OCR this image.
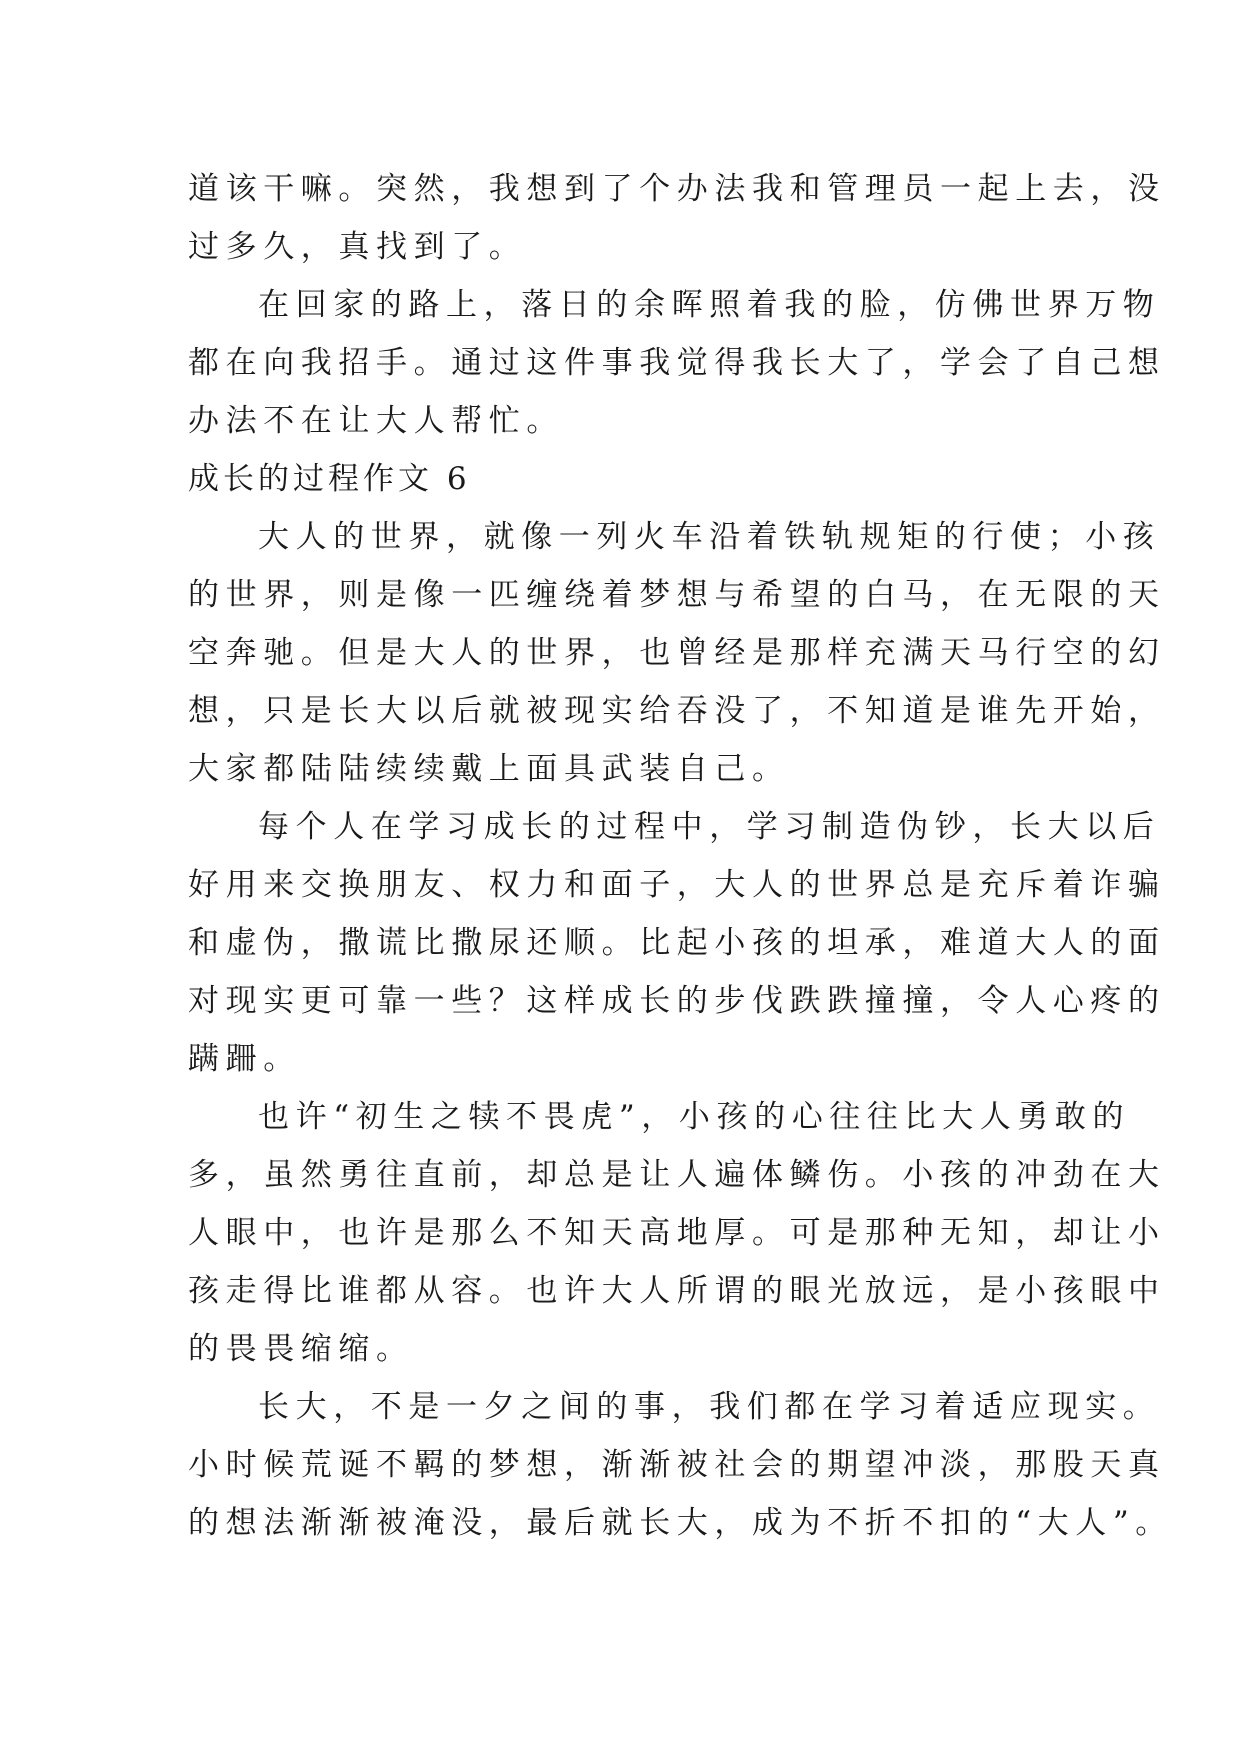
道该干嘛。突然，我想到了个办法我和管理员一起上去，没
过多久，真找到了。
在回家的路上，落日的余晖照着我的脸，仿佛世界万物
都在向我招手。通过这件事我觉得我长大了，学会了自己想
办法不在让大人帮忙。
成长的过程作文 6
大人的世界，就像一列火车沿着铁轨规矩的行使；小孩
的世界，则是像一匹缠绕着梦想与希望的白马，在无限的天
空奔驰。但是大人的世界，也曾经是那样充满天马行空的幻
想，只是长大以后就被现实给吞没了，不知道是谁先开始，
大家都陆陆续续戴上面具武装自己。
每个人在学习成长的过程中，学习制造伪钞，长大以后
好用来交换朋友、权力和面子，大人的世界总是充斥着诈骗
和虚伪，撒谎比撒尿还顺。比起小孩的坦承，难道大人的面
对现实更可靠一些？这样成长的步伐跌跌撞撞，令人心疼的
蹒跚。
也许“初生之犊不畏虎”，小孩的心往往比大人勇敢的
多，虽然勇往直前，却总是让人遍体鳞伤。小孩的冲劲在大
人眼中，也许是那么不知天高地厚。可是那种无知，却让小
孩走得比谁都从容。也许大人所谓的眼光放远，是小孩眼中
的畏畏缩缩。
长大，不是一夕之间的事，我们都在学习着适应现实。
小时候荒诞不羁的梦想，渐渐被社会的期望冲淡，那股天真
的想法渐渐被淹没，最后就长大，成为不折不扣的“大人”。
